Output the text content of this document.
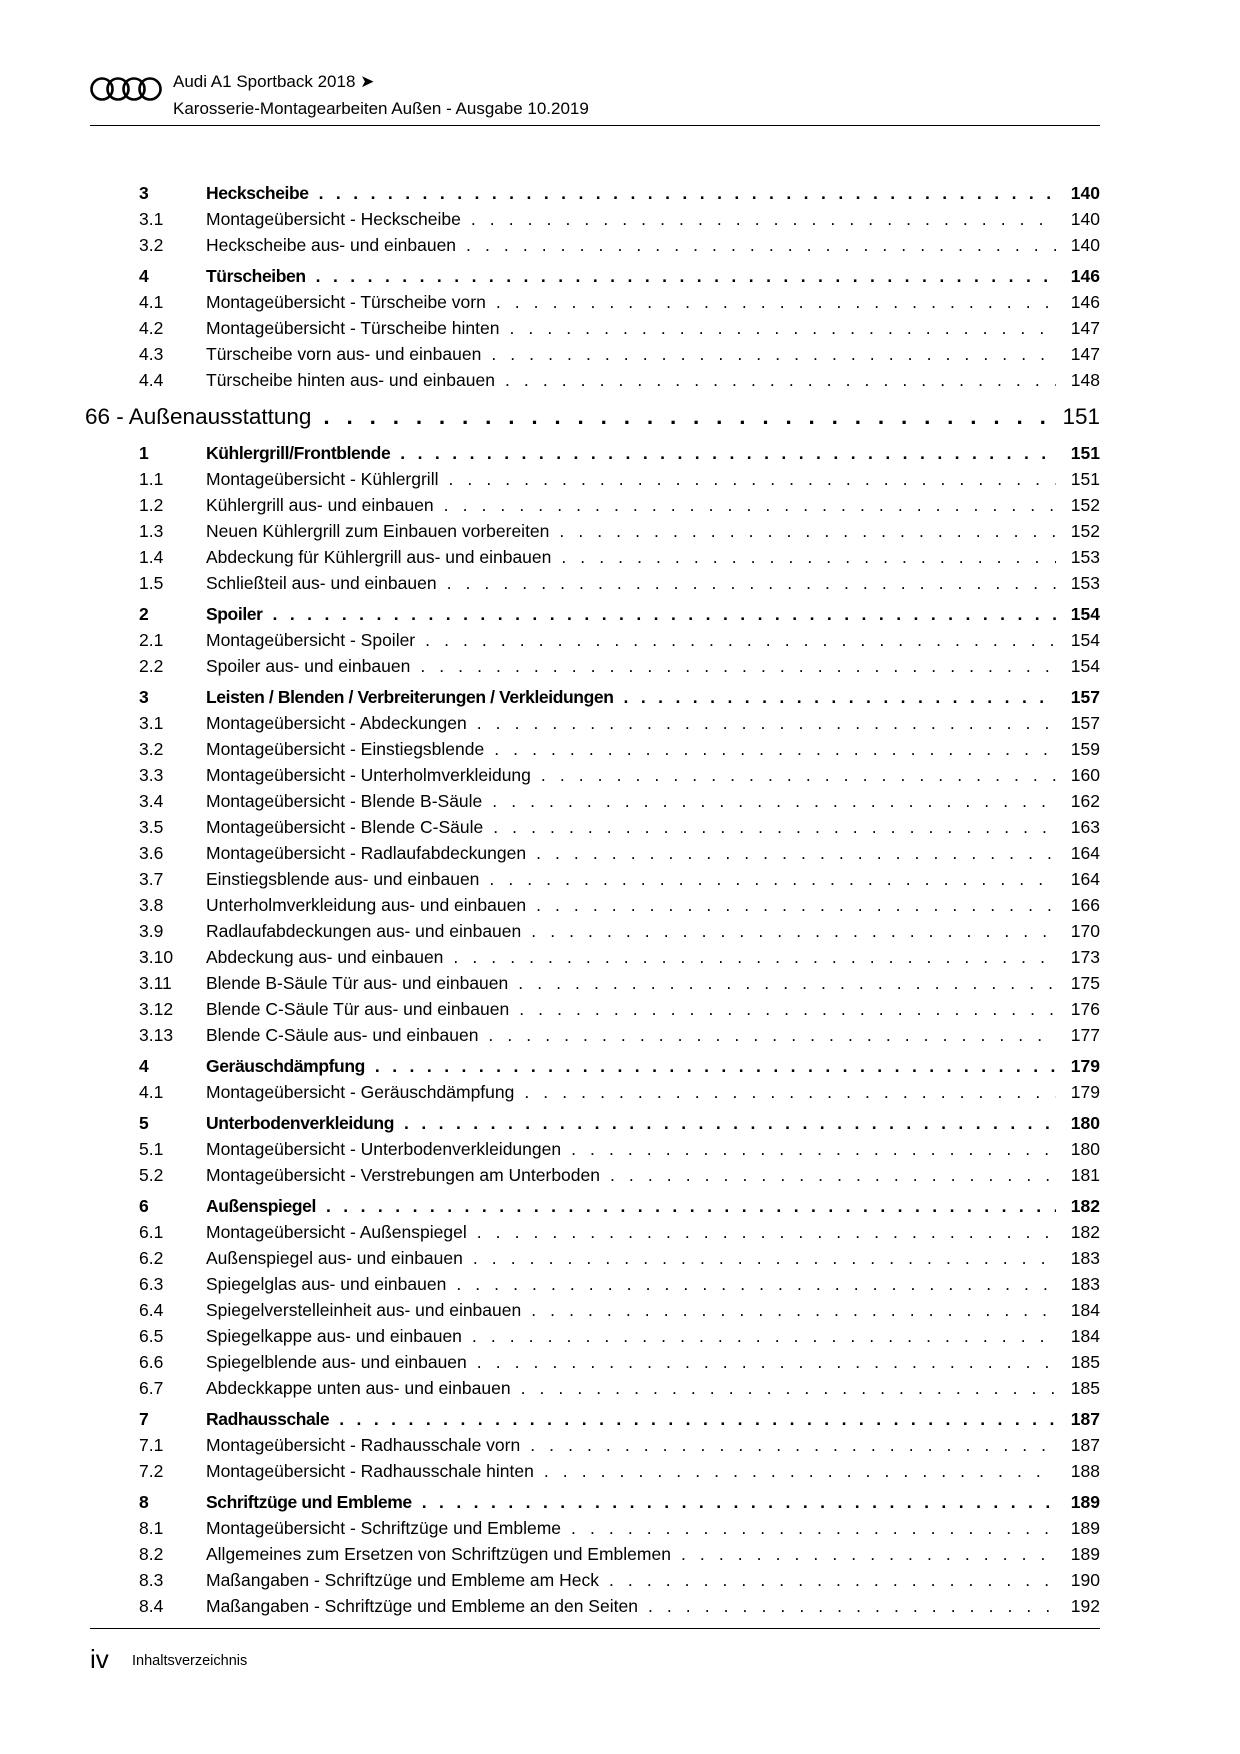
Audi A1 Sportback 2018 ➤
Karosserie-Montagearbeiten Außen - Ausgabe 10.2019
3	Heckscheibe . . .	140
3.1 Montageübersicht - Heckscheibe . . .	140
3.2 Heckscheibe aus- und einbauen . . .	140
4	Türscheiben . . .	146
4.1 Montageübersicht - Türscheibe vorn . . .	146
4.2 Montageübersicht - Türscheibe hinten . . .	147
4.3 Türscheibe vorn aus- und einbauen . . .	147
4.4 Türscheibe hinten aus- und einbauen . . .	148
66 - Außenausstattung . . .	151
1	Kühlergrill/Frontblende . . .	151
1.1 Montageübersicht - Kühlergrill . . .	151
1.2 Kühlergrill aus- und einbauen . . .	152
1.3 Neuen Kühlergrill zum Einbauen vorbereiten . . .	152
1.4 Abdeckung für Kühlergrill aus- und einbauen . . .	153
1.5 Schließteil aus- und einbauen . . .	153
2	Spoiler . . .	154
2.1 Montageübersicht - Spoiler . . .	154
2.2 Spoiler aus- und einbauen . . .	154
3	Leisten / Blenden / Verbreiterungen / Verkleidungen . . .	157
3.1 Montageübersicht - Abdeckungen . . .	157
3.2 Montageübersicht - Einstiegsblende . . .	159
3.3 Montageübersicht - Unterholmverkleidung . . .	160
3.4 Montageübersicht - Blende B-Säule . . .	162
3.5 Montageübersicht - Blende C-Säule . . .	163
3.6 Montageübersicht - Radlaufabdeckungen . . .	164
3.7 Einstiegsblende aus- und einbauen . . .	164
3.8 Unterholmverkleidung aus- und einbauen . . .	166
3.9 Radlaufabdeckungen aus- und einbauen . . .	170
3.10 Abdeckung aus- und einbauen . . .	173
3.11 Blende B-Säule Tür aus- und einbauen . . .	175
3.12 Blende C-Säule Tür aus- und einbauen . . .	176
3.13 Blende C-Säule aus- und einbauen . . .	177
4	Geräuschdämpfung . . .	179
4.1 Montageübersicht - Geräuschdämpfung . . .	179
5	Unterbodenverkleidung . . .	180
5.1 Montageübersicht - Unterbodenverkleidungen . . .	180
5.2 Montageübersicht - Verstrebungen am Unterboden . . .	181
6	Außenspiegel . . .	182
6.1 Montageübersicht - Außenspiegel . . .	182
6.2 Außenspiegel aus- und einbauen . . .	183
6.3 Spiegelglas aus- und einbauen . . .	183
6.4 Spiegelverstelleinheit aus- und einbauen . . .	184
6.5 Spiegelkappe aus- und einbauen . . .	184
6.6 Spiegelblende aus- und einbauen . . .	185
6.7 Abdeckkappe unten aus- und einbauen . . .	185
7	Radhausschale . . .	187
7.1 Montageübersicht - Radhausschale vorn . . .	187
7.2 Montageübersicht - Radhausschale hinten . . .	188
8	Schriftzüge und Embleme . . .	189
8.1 Montageübersicht - Schriftzüge und Embleme . . .	189
8.2 Allgemeines zum Ersetzen von Schriftzügen und Emblemen . . .	189
8.3 Maßangaben - Schriftzüge und Embleme am Heck . . .	190
8.4 Maßangaben - Schriftzüge und Embleme an den Seiten . . .	192
iv Inhaltsverzeichnis
